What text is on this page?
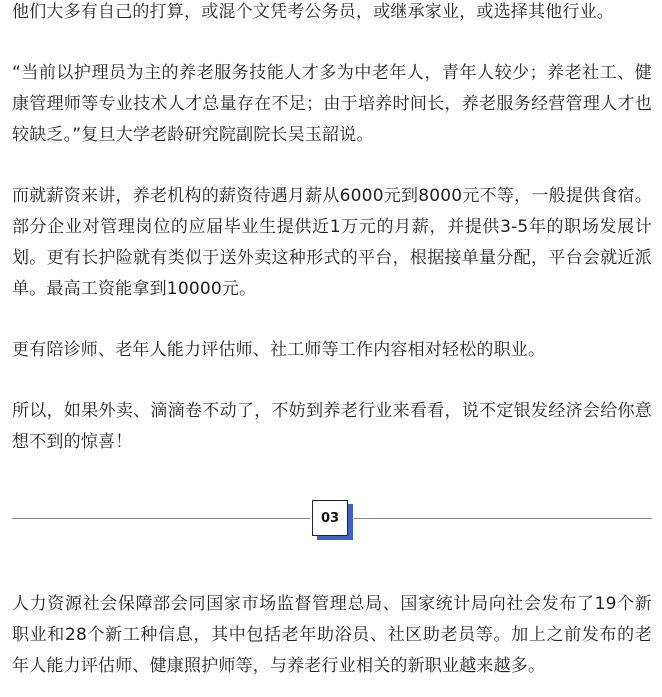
他们大多有自己的打算，或混个文凭考公务员，或继承家业，或选择其他行业。

“当前以护理员为主的养老服务技能人才多为中老年人，青年人较少；养老社工、健康管理师等专业技术人才总量存在不足；由于培养时间长，养老服务经营管理人才也较缺乏。”复旦大学老龄研究院副院长吴玉韶说。

而就薪资来讲，养老机构的薪资待遇月薪从6000元到8000元不等，一般提供食宿。部分企业对管理岗位的应届毕业生提供近1万元的月薪，并提供3-5年的职场发展计划。更有长护险就有类似于送外卖这种形式的平台，根据接单量分配，平台会就近派单。最高工资能拿到10000元。

更有陪诊师、老年人能力评估师、社工师等工作内容相对轻松的职业。

所以，如果外卖、滴滴卷不动了，不妨到养老行业来看看，说不定银发经济会给你意想不到的惊喜！

人力资源社会保障部会同国家市场监督管理总局、国家统计局向社会发布了19个新职业和28个新工种信息，其中包括老年助浴员、社区助老员等。加上之前发布的老年人能力评估师、健康照护师等，与养老行业相关的新职业越来越多。

03
